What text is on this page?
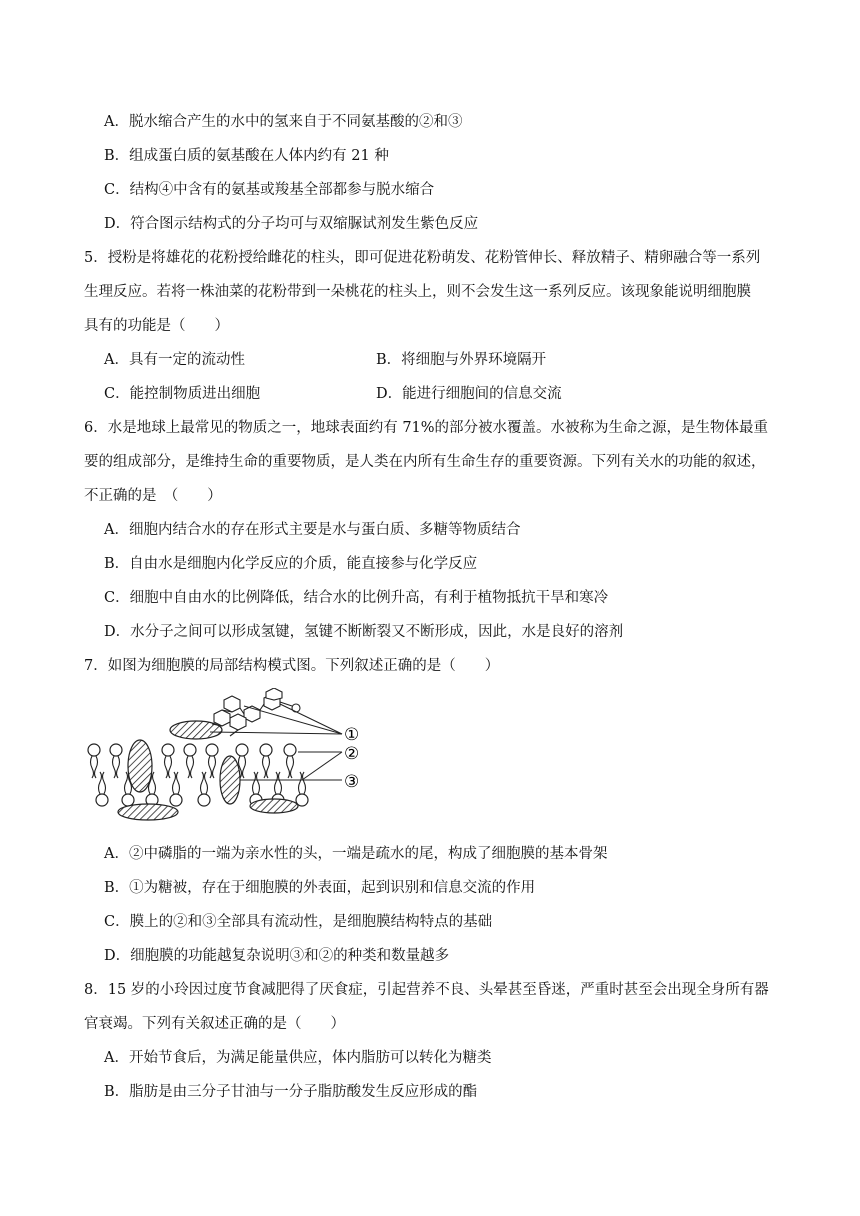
A．脱水缩合产生的水中的氢来自于不同氨基酸的②和③
B．组成蛋白质的氨基酸在人体内约有 21 种
C．结构④中含有的氨基或羧基全部都参与脱水缩合
D．符合图示结构式的分子均可与双缩脲试剂发生紫色反应
5．授粉是将雄花的花粉授给雌花的柱头，即可促进花粉萌发、花粉管伸长、释放精子、精卵融合等一系列
生理反应。若将一株油菜的花粉带到一朵桃花的柱头上，则不会发生这一系列反应。该现象能说明细胞膜
具有的功能是（　　）
A．具有一定的流动性	B．将细胞与外界环境隔开
C．能控制物质进出细胞	D．能进行细胞间的信息交流
6．水是地球上最常见的物质之一，地球表面约有 71%的部分被水覆盖。水被称为生命之源，是生物体最重
要的组成部分，是维持生命的重要物质，是人类在内所有生命生存的重要资源。下列有关水的功能的叙述，
不正确的是　（　　）
A．细胞内结合水的存在形式主要是水与蛋白质、多糖等物质结合
B．自由水是细胞内化学反应的介质，能直接参与化学反应
C．细胞中自由水的比例降低，结合水的比例升高，有利于植物抵抗干旱和寒冷
D．水分子之间可以形成氢键，氢键不断断裂又不断形成，因此，水是良好的溶剂
7．如图为细胞膜的局部结构模式图。下列叙述正确的是（　　）
①
②
③
A．②中磷脂的一端为亲水性的头，一端是疏水的尾，构成了细胞膜的基本骨架
B．①为糖被，存在于细胞膜的外表面，起到识别和信息交流的作用
C．膜上的②和③全部具有流动性，是细胞膜结构特点的基础
D．细胞膜的功能越复杂说明③和②的种类和数量越多
8．15 岁的小玲因过度节食减肥得了厌食症，引起营养不良、头晕甚至昏迷，严重时甚至会出现全身所有器
官衰竭。下列有关叙述正确的是（　　）
A．开始节食后，为满足能量供应，体内脂肪可以转化为糖类
B．脂肪是由三分子甘油与一分子脂肪酸发生反应形成的酯
